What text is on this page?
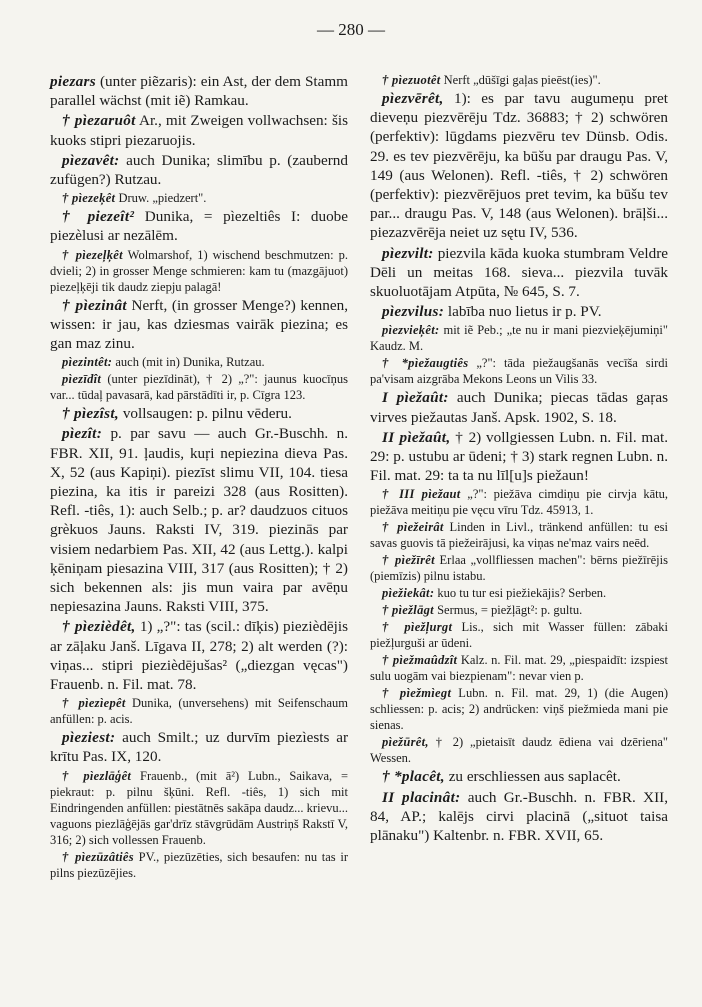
— 280 —
piezars (unter piẽzaris): ein Ast, der dem Stamm parallel wächst (mit iẽ) Ramkau.
† pìezaruôt Ar., mit Zweigen vollwachsen: šis kuoks stipri piezaruojis.
pìezavêt: auch Dunika; slimību p. (zaubernd zufügen?) Rutzau.
† pìezeķêt Druw. „piedzert".
† piezeît² Dunika, = pìezeltiês I: duobe piezèlusi ar nezālēm.
† pìezeļķêt Wolmarshof, 1) wischend beschmutzen: p. dvieli; 2) in grosser Menge schmieren: kam tu (mazgājuot) piezeļķēji tik daudz ziepju palagā!
† pìezinât Nerft, (in grosser Menge?) kennen, wissen: ir jau, kas dziesmas vairāk piezina; es gan maz zinu.
pìezintêt: auch (mit in) Dunika, Rutzau.
pìezīdît (unter piezīdināt), † 2) „?": jaunus kuocīņus var... tūdaļ pavasarā, kad pārstādīti ir, p. Cīgra 123.
† pìezîst, vollsaugen: p. pilnu vēderu.
pìezît: p. par savu — auch Gr.-Buschh. n. FBR. XII, 91. ļaudis, kuŗi nepiezina dieva Pas. X, 52 (aus Kapiņi). piezīst slimu VII, 104. tiesa piezina, ka itis ir pareizi 328 (aus Rositten). Refl. -tiês, 1): auch Selb.; p. ar? daudzuos cituos grèkuos Jauns. Raksti IV, 319. piezinās par visiem nedarbiem Pas. XII, 42 (aus Lettg.). kalpi ķēniņam piesazina VIII, 317 (aus Rositten); † 2) sich bekennen als: jis mun vaira par avēņu nepiesazina Jauns. Raksti VIII, 375.
† pìezièdêt, 1) „?": tas (scil.: dīķis) piezièdējis ar zāļaku Janš. Līgava II, 278; 2) alt werden (?): viņas... stipri piezièdējušas² („diezgan vęcas") Frauenb. n. Fil. mat. 78.
† pìezìepêt Dunika, (unversehens) mit Seifenschaum anfüllen: p. acis.
pìeziest: auch Smilt.; uz durvīm piezìests ar krītu Pas. IX, 120.
† pìezlāģêt Frauenb., (mit ā²) Lubn., Saikava, = piekraut: p. pilnu šķūni. Refl. -tiês, 1) sich mit Eindringenden anfüllen: piestātnēs sakāpa daudz... krievu... vaguons piezlāģējās gar'drīz stāvgrūdām Austriņš Rakstī V, 316; 2) sich vollessen Frauenb.
† pìezūzâtiês PV., piezūzēties, sich besaufen: nu tas ir pilns piezūzējies.
† pìezuotêt Nerft „dūšīgi gaļas pieēst(ies)".
pìezvērêt, 1): es par tavu augumeņu pret dieveņu piezvērēju Tdz. 36883; † 2) schwören (perfektiv): lūgdams piezvēru tev Dünsb. Odis. 29. es tev piezvērēju, ka būšu par draugu Pas. V, 149 (aus Welonen). Refl. -tiês, † 2) schwören (perfektiv): piezvērējuos pret tevim, ka būšu tev par... draugu Pas. V, 148 (aus Welonen). brāļši... piezazvērēja neiet uz sętu IV, 536.
pìezvilt: piezvila kāda kuoka stumbram Veldre Dēli un meitas 168. sieva... piezvila tuvāk skuoluotājam Atpūta, № 645, S. 7.
pìezvilus: labība nuo lietus ir p. PV.
pìezvieķêt: mit iẽ Peb.; „te nu ir mani piezvieķējumiņi" Kaudz. M.
† *pìežaugtiês „?": tāda piežaugšanās vecīša sirdi pa'visam aizgrāba Mekons Leons un Vilis 33.
I pìežaût: auch Dunika; piecas tādas gaŗas virves piežautas Janš. Apsk. 1902, S. 18.
II pìežaût, † 2) vollgiessen Lubn. n. Fil. mat. 29: p. ustubu ar ūdeni; † 3) stark regnen Lubn. n. Fil. mat. 29: ta ta nu līl[u]s piežaun!
† III pìežaut „?": piežāva cimdiņu pie cirvja kātu, piežāva meitiņu pie vęcu vīru Tdz. 45913, 1.
† pìežeirât Linden in Livl., tränkend anfüllen: tu esi savas guovis tā piežeirājusi, ka viņas ne'maz vairs neēd.
† pìežīrêt Erlaa „vollfliessen machen": bērns piežīrējis (piemīzis) pilnu istabu.
pìežiekât: kuo tu tur esi piežiekājis? Serben.
† pìežlāgt Sermus, = piežļāgt²: p. gultu.
† pìežļurgt Lis., sich mit Wasser füllen: zābaki piežļurguši ar ūdeni.
† pìežmaûdzît Kalz. n. Fil. mat. 29, „piespaidīt: izspiest sulu uogām vai biezpienam": nevar vien p.
† pìežmìegt Lubn. n. Fil. mat. 29, 1) (die Augen) schliessen: p. acis; 2) andrücken: viņš piežmieda mani pie sienas.
pìežūrêt, † 2) „pietaisīt daudz ēdiena vai dzēriena" Wessen.
† *placêt, zu erschliessen aus saplacêt.
II placinât: auch Gr.-Buschh. n. FBR. XII, 84, AP.; kalējs cirvi placinā („situot taisa plānaku") Kaltenbr. n. FBR. XVII, 65.
